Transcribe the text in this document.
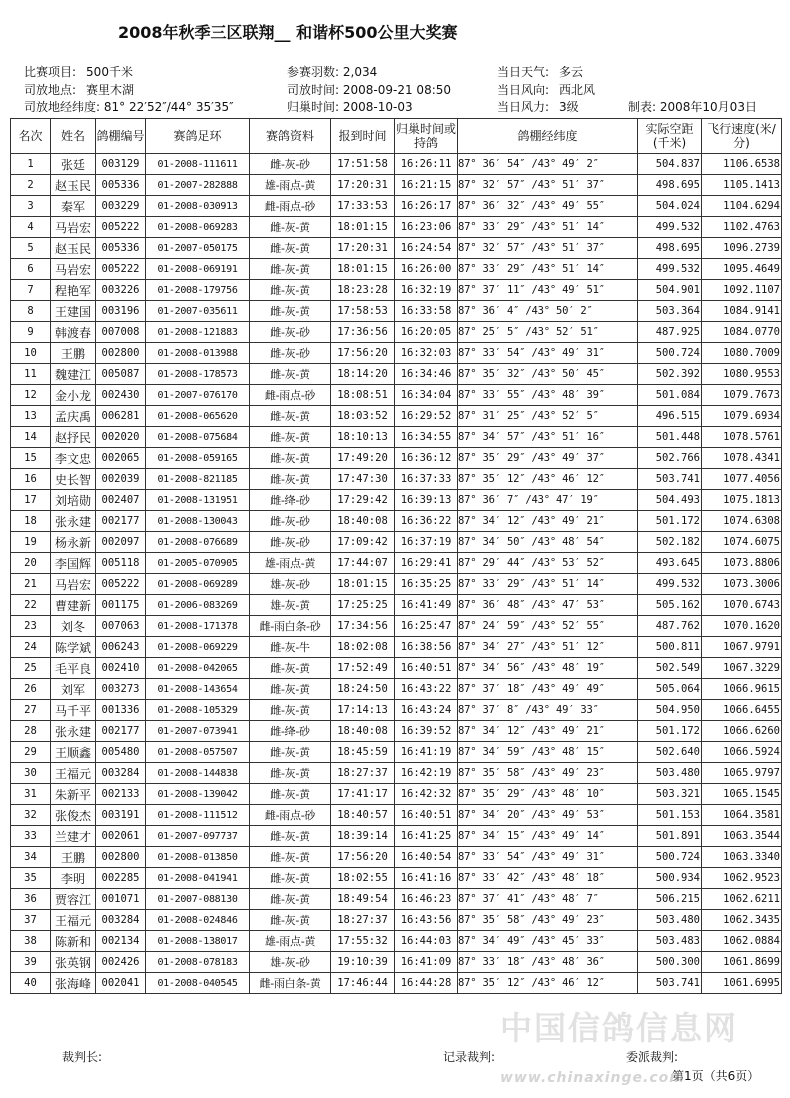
2008年秋季三区联翔__ 和谐杯500公里大奖赛
比赛项目: 500千米	参赛羽数: 2,034	当日天气: 多云
司放地点: 赛里木湖	司放时间: 2008-09-21 08:50	当日风向: 西北风
司放地经纬度: 81° 22′52″/44° 35′35″	归巢时间: 2008-10-03	当日风力: 3级	制表: 2008年10月03日
名次	姓名	鸽棚编号	赛鸽足环	赛鸽资料	报到时间	归巢时间或持鸽	鸽棚经纬度	实际空距(千米)	飞行速度(米/分)
1	张廷	003129	01-2008-111611	雌-灰-砂	17:51:58	16:26:11	87° 36′ 54″ /43° 49′ 2″	504.837	1106.6538
2	赵玉民	005336	01-2007-282888	雄-雨点-黄	17:20:31	16:21:15	87° 32′ 57″ /43° 51′ 37″	498.695	1105.1413
3	秦军	003229	01-2008-030913	雌-雨点-砂	17:33:53	16:26:17	87° 36′ 32″ /43° 49′ 55″	504.024	1104.6294
4	马岩宏	005222	01-2008-069283	雌-灰-黄	18:01:15	16:23:06	87° 33′ 29″ /43° 51′ 14″	499.532	1102.4763
5	赵玉民	005336	01-2007-050175	雌-灰-黄	17:20:31	16:24:54	87° 32′ 57″ /43° 51′ 37″	498.695	1096.2739
6	马岩宏	005222	01-2008-069191	雌-灰-黄	18:01:15	16:26:00	87° 33′ 29″ /43° 51′ 14″	499.532	1095.4649
7	程艳军	003226	01-2008-179756	雌-灰-黄	18:23:28	16:32:19	87° 37′ 11″ /43° 49′ 51″	504.901	1092.1107
8	王建国	003196	01-2007-035611	雌-灰-黄	17:58:53	16:33:58	87° 36′ 4″ /43° 50′ 2″	503.364	1084.9141
9	韩渡春	007008	01-2008-121883	雌-灰-砂	17:36:56	16:20:05	87° 25′ 5″ /43° 52′ 51″	487.925	1084.0770
10	王鹏	002800	01-2008-013988	雌-灰-砂	17:56:20	16:32:03	87° 33′ 54″ /43° 49′ 31″	500.724	1080.7009
11	魏建江	005087	01-2008-178573	雌-灰-黄	18:14:20	16:34:46	87° 35′ 32″ /43° 50′ 45″	502.392	1080.9553
12	金小龙	002430	01-2007-076170	雌-雨点-砂	18:08:51	16:34:04	87° 33′ 55″ /43° 48′ 39″	501.084	1079.7673
13	孟庆禹	006281	01-2008-065620	雌-灰-黄	18:03:52	16:29:52	87° 31′ 25″ /43° 52′ 5″	496.515	1079.6934
14	赵抒民	002020	01-2008-075684	雌-灰-黄	18:10:13	16:34:55	87° 34′ 57″ /43° 51′ 16″	501.448	1078.5761
15	李文忠	002065	01-2008-059165	雌-灰-黄	17:49:20	16:36:12	87° 35′ 29″ /43° 49′ 37″	502.766	1078.4341
16	史长智	002039	01-2008-821185	雌-灰-黄	17:47:30	16:37:33	87° 35′ 12″ /43° 46′ 12″	503.741	1077.4056
17	刘培勋	002407	01-2008-131951	雌-绛-砂	17:29:42	16:39:13	87° 36′ 7″ /43° 47′ 19″	504.493	1075.1813
18	张永建	002177	01-2008-130043	雌-灰-砂	18:40:08	16:36:22	87° 34′ 12″ /43° 49′ 21″	501.172	1074.6308
19	杨永新	002097	01-2008-076689	雌-灰-砂	17:09:42	16:37:19	87° 34′ 50″ /43° 48′ 54″	502.182	1074.6075
20	李国辉	005118	01-2005-070905	雄-雨点-黄	17:44:07	16:29:41	87° 29′ 44″ /43° 53′ 52″	493.645	1073.8806
21	马岩宏	005222	01-2008-069289	雄-灰-砂	18:01:15	16:35:25	87° 33′ 29″ /43° 51′ 14″	499.532	1073.3006
22	曹建新	001175	01-2006-083269	雄-灰-黄	17:25:25	16:41:49	87° 36′ 48″ /43° 47′ 53″	505.162	1070.6743
23	刘冬	007063	01-2008-171378	雌-雨白条-砂	17:34:56	16:25:47	87° 24′ 59″ /43° 52′ 55″	487.762	1070.1620
24	陈学斌	006243	01-2008-069229	雌-灰-牛	18:02:08	16:38:56	87° 34′ 27″ /43° 51′ 12″	500.811	1067.9791
25	毛平良	002410	01-2008-042065	雌-灰-黄	17:52:49	16:40:51	87° 34′ 56″ /43° 48′ 19″	502.549	1067.3229
26	刘军	003273	01-2008-143654	雌-灰-黄	18:24:50	16:43:22	87° 37′ 18″ /43° 49′ 49″	505.064	1066.9615
27	马千平	001336	01-2008-105329	雌-灰-黄	17:14:13	16:43:24	87° 37′ 8″ /43° 49′ 33″	504.950	1066.6455
28	张永建	002177	01-2007-073941	雌-绛-砂	18:40:08	16:39:52	87° 34′ 12″ /43° 49′ 21″	501.172	1066.6260
29	王顺鑫	005480	01-2008-057507	雌-灰-黄	18:45:59	16:41:19	87° 34′ 59″ /43° 48′ 15″	502.640	1066.5924
30	王福元	003284	01-2008-144838	雌-灰-黄	18:27:37	16:42:19	87° 35′ 58″ /43° 49′ 23″	503.480	1065.9797
31	朱新平	002133	01-2008-139042	雌-灰-黄	17:41:17	16:42:32	87° 35′ 29″ /43° 48′ 10″	503.321	1065.1545
32	张俊杰	003191	01-2008-111512	雌-雨点-砂	18:40:57	16:40:51	87° 34′ 20″ /43° 49′ 53″	501.153	1064.3581
33	兰建才	002061	01-2007-097737	雌-灰-黄	18:39:14	16:41:25	87° 34′ 15″ /43° 49′ 14″	501.891	1063.3544
34	王鹏	002800	01-2008-013850	雌-灰-黄	17:56:20	16:40:54	87° 33′ 54″ /43° 49′ 31″	500.724	1063.3340
35	李明	002285	01-2008-041941	雌-灰-黄	18:02:55	16:41:16	87° 33′ 42″ /43° 48′ 18″	500.934	1062.9523
36	贾容江	001071	01-2007-088130	雌-灰-黄	18:49:54	16:46:23	87° 37′ 41″ /43° 48′ 7″	506.215	1062.6211
37	王福元	003284	01-2008-024846	雌-灰-黄	18:27:37	16:43:56	87° 35′ 58″ /43° 49′ 23″	503.480	1062.3435
38	陈新和	002134	01-2008-138017	雄-雨点-黄	17:55:32	16:44:03	87° 34′ 49″ /43° 45′ 33″	503.483	1062.0884
39	张英钢	002426	01-2008-078183	雄-灰-砂	19:10:39	16:41:09	87° 33′ 18″ /43° 48′ 36″	500.300	1061.8699
40	张海峰	002041	01-2008-040545	雌-雨白条-黄	17:46:44	16:44:28	87° 35′ 12″ /43° 46′ 12″	503.741	1061.6995
裁判长:	记录裁判:	委派裁判:
第1页（共6页）
中国信鸽信息网
www.chinaxinge.com
